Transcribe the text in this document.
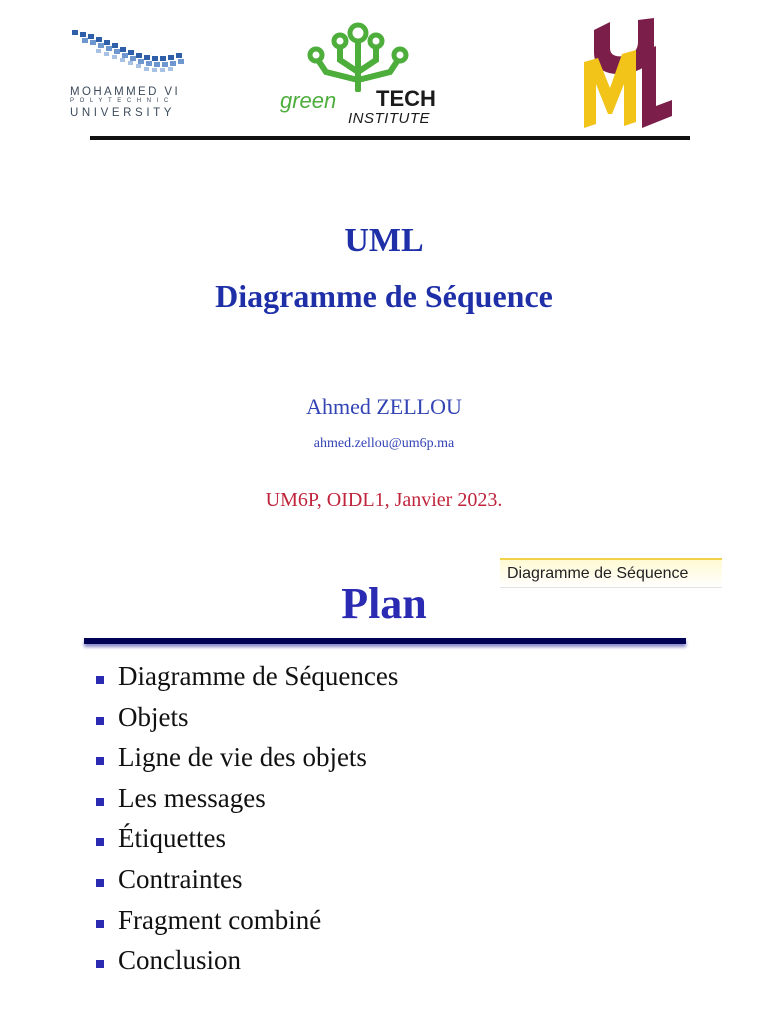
MOHAMMED VI
POLYTECHNIC
UNIVERSITY	green TECH
INSTITUTE
UML
Diagramme de Séquence
Ahmed ZELLOU
ahmed.zellou@um6p.ma
UM6P, OIDL1, Janvier 2023.
Diagramme de Séquence
Plan
Diagramme de Séquences
Objets
Ligne de vie des objets
Les messages
Étiquettes
Contraintes
Fragment combiné
Conclusion
